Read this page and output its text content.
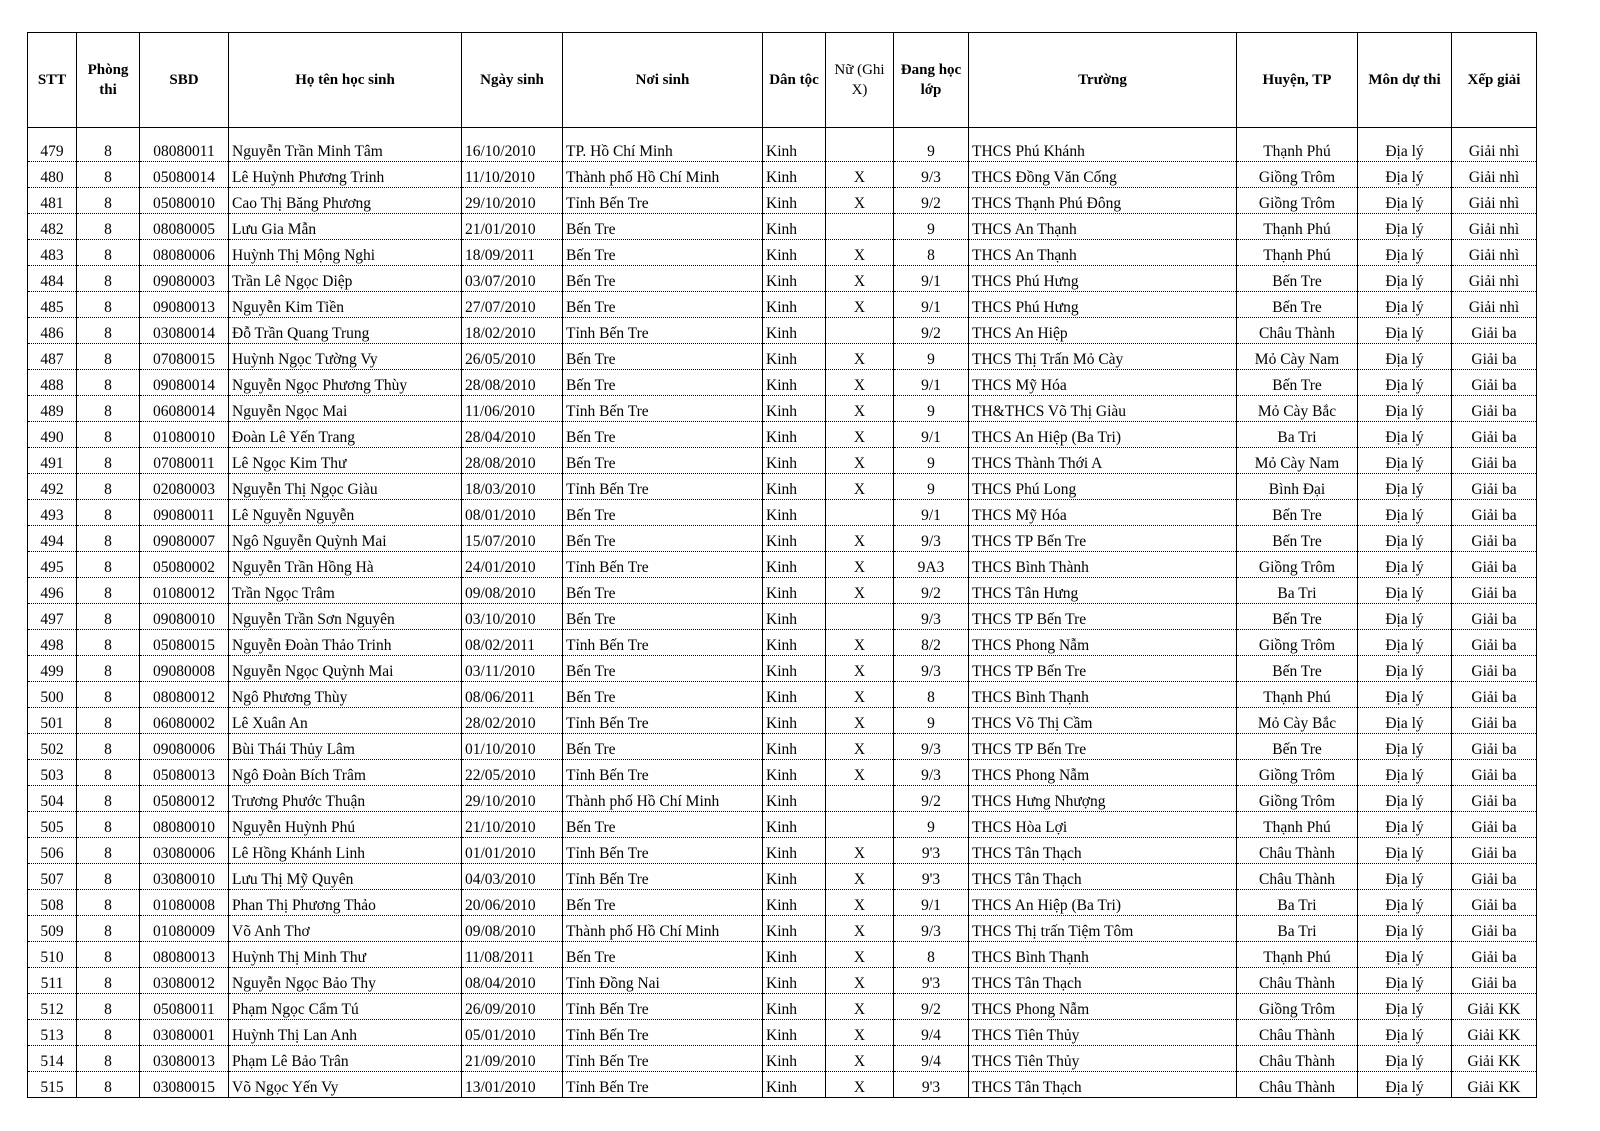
STT	Phòng thi	SBD	Họ tên học sinh	Ngày sinh	Nơi sinh	Dân tộc	Nữ (Ghi X)	Đang học lớp	Trường	Huyện, TP	Môn dự thi	Xếp giải
479	8	08080011	Nguyễn Trần Minh Tâm	16/10/2010	TP. Hồ Chí Minh	Kinh		9	THCS Phú Khánh	Thạnh Phú	Địa lý	Giải nhì
480	8	05080014	Lê Huỳnh Phương Trinh	11/10/2010	Thành phố Hồ Chí Minh	Kinh	X	9/3	THCS Đồng Văn Cống	Giồng Trôm	Địa lý	Giải nhì
481	8	05080010	Cao Thị Băng Phương	29/10/2010	Tỉnh Bến Tre	Kinh	X	9/2	THCS Thạnh Phú Đông	Giồng Trôm	Địa lý	Giải nhì
482	8	08080005	Lưu Gia Mẫn	21/01/2010	Bến Tre	Kinh		9	THCS An Thạnh	Thạnh Phú	Địa lý	Giải nhì
483	8	08080006	Huỳnh Thị Mộng Nghi	18/09/2011	Bến Tre	Kinh	X	8	THCS An Thạnh	Thạnh Phú	Địa lý	Giải nhì
484	8	09080003	Trần Lê Ngọc Diệp	03/07/2010	Bến Tre	Kinh	X	9/1	THCS Phú Hưng	Bến Tre	Địa lý	Giải nhì
485	8	09080013	Nguyễn Kim Tiền	27/07/2010	Bến Tre	Kinh	X	9/1	THCS Phú Hưng	Bến Tre	Địa lý	Giải nhì
486	8	03080014	Đỗ Trần Quang Trung	18/02/2010	Tỉnh Bến Tre	Kinh		9/2	THCS An Hiệp	Châu Thành	Địa lý	Giải ba
487	8	07080015	Huỳnh Ngọc Tường Vy	26/05/2010	Bến Tre	Kinh	X	9	THCS Thị Trấn Mỏ Cày	Mỏ Cày Nam	Địa lý	Giải ba
488	8	09080014	Nguyễn Ngọc Phương Thùy	28/08/2010	Bến Tre	Kinh	X	9/1	THCS Mỹ Hóa	Bến Tre	Địa lý	Giải ba
489	8	06080014	Nguyễn Ngọc Mai	11/06/2010	Tỉnh Bến Tre	Kinh	X	9	TH&THCS Võ Thị Giàu	Mỏ Cày Bắc	Địa lý	Giải ba
490	8	01080010	Đoàn Lê Yến Trang	28/04/2010	Bến Tre	Kinh	X	9/1	THCS An Hiệp (Ba Tri)	Ba Tri	Địa lý	Giải ba
491	8	07080011	Lê Ngọc Kim Thư	28/08/2010	Bến Tre	Kinh	X	9	THCS Thành Thới A	Mỏ Cày Nam	Địa lý	Giải ba
492	8	02080003	Nguyễn Thị Ngọc Giàu	18/03/2010	Tỉnh Bến Tre	Kinh	X	9	THCS Phú Long	Bình Đại	Địa lý	Giải ba
493	8	09080011	Lê Nguyễn Nguyễn	08/01/2010	Bến Tre	Kinh		9/1	THCS Mỹ Hóa	Bến Tre	Địa lý	Giải ba
494	8	09080007	Ngô Nguyễn Quỳnh Mai	15/07/2010	Bến Tre	Kinh	X	9/3	THCS TP Bến Tre	Bến Tre	Địa lý	Giải ba
495	8	05080002	Nguyễn Trần Hồng Hà	24/01/2010	Tỉnh Bến Tre	Kinh	X	9A3	THCS Bình Thành	Giồng Trôm	Địa lý	Giải ba
496	8	01080012	Trần Ngọc Trâm	09/08/2010	Bến Tre	Kinh	X	9/2	THCS Tân Hưng	Ba Tri	Địa lý	Giải ba
497	8	09080010	Nguyễn Trần Sơn Nguyên	03/10/2010	Bến Tre	Kinh		9/3	THCS TP Bến Tre	Bến Tre	Địa lý	Giải ba
498	8	05080015	Nguyễn Đoàn Thảo Trinh	08/02/2011	Tỉnh Bến Tre	Kinh	X	8/2	THCS Phong Nẫm	Giồng Trôm	Địa lý	Giải ba
499	8	09080008	Nguyễn Ngọc Quỳnh Mai	03/11/2010	Bến Tre	Kinh	X	9/3	THCS TP Bến Tre	Bến Tre	Địa lý	Giải ba
500	8	08080012	Ngô Phương Thùy	08/06/2011	Bến Tre	Kinh	X	8	THCS Bình Thạnh	Thạnh Phú	Địa lý	Giải ba
501	8	06080002	Lê Xuân An	28/02/2010	Tỉnh Bến Tre	Kinh	X	9	THCS Võ Thị Cầm	Mỏ Cày Bắc	Địa lý	Giải ba
502	8	09080006	Bùi Thái Thủy Lâm	01/10/2010	Bến Tre	Kinh	X	9/3	THCS TP Bến Tre	Bến Tre	Địa lý	Giải ba
503	8	05080013	Ngô Đoàn Bích Trâm	22/05/2010	Tỉnh Bến Tre	Kinh	X	9/3	THCS Phong Nẫm	Giồng Trôm	Địa lý	Giải ba
504	8	05080012	Trương Phước Thuận	29/10/2010	Thành phố Hồ Chí Minh	Kinh		9/2	THCS Hưng Nhượng	Giồng Trôm	Địa lý	Giải ba
505	8	08080010	Nguyễn Huỳnh Phú	21/10/2010	Bến Tre	Kinh		9	THCS Hòa Lợi	Thạnh Phú	Địa lý	Giải ba
506	8	03080006	Lê Hồng Khánh Linh	01/01/2010	Tỉnh Bến Tre	Kinh	X	9'3	THCS Tân Thạch	Châu Thành	Địa lý	Giải ba
507	8	03080010	Lưu Thị Mỹ Quyên	04/03/2010	Tỉnh Bến Tre	Kinh	X	9'3	THCS Tân Thạch	Châu Thành	Địa lý	Giải ba
508	8	01080008	Phan Thị Phương Thảo	20/06/2010	Bến Tre	Kinh	X	9/1	THCS An Hiệp (Ba Tri)	Ba Tri	Địa lý	Giải ba
509	8	01080009	Võ Anh Thơ	09/08/2010	Thành phố Hồ Chí Minh	Kinh	X	9/3	THCS Thị trấn Tiệm Tôm	Ba Tri	Địa lý	Giải ba
510	8	08080013	Huỳnh Thị Minh Thư	11/08/2011	Bến Tre	Kinh	X	8	THCS Bình Thạnh	Thạnh Phú	Địa lý	Giải ba
511	8	03080012	Nguyễn Ngọc Bảo Thy	08/04/2010	Tỉnh Đồng Nai	Kinh	X	9'3	THCS Tân Thạch	Châu Thành	Địa lý	Giải ba
512	8	05080011	Phạm Ngọc Cẩm Tú	26/09/2010	Tỉnh Bến Tre	Kinh	X	9/2	THCS Phong Nẫm	Giồng Trôm	Địa lý	Giải KK
513	8	03080001	Huỳnh Thị Lan Anh	05/01/2010	Tỉnh Bến Tre	Kinh	X	9/4	THCS Tiên Thủy	Châu Thành	Địa lý	Giải KK
514	8	03080013	Phạm Lê Bảo Trân	21/09/2010	Tỉnh Bến Tre	Kinh	X	9/4	THCS Tiên Thủy	Châu Thành	Địa lý	Giải KK
515	8	03080015	Võ Ngọc Yến Vy	13/01/2010	Tỉnh Bến Tre	Kinh	X	9'3	THCS Tân Thạch	Châu Thành	Địa lý	Giải KK
